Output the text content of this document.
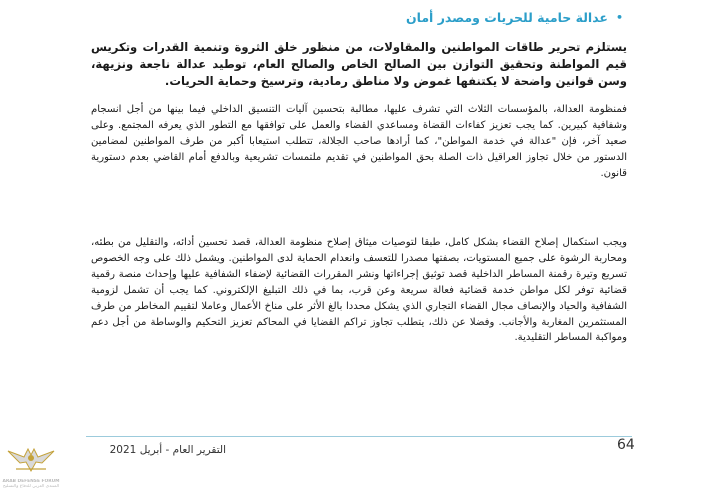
•
عدالة حامية للحريات ومصدر أمان

يستلزم تحرير طاقات المواطنين والمقاولات، من منظور خلق الثروة وتنمية القدرات وتكريس قيم المواطنة وتحقيق التوازن بين الصالح الخاص والصالح العام، توطيد عدالة ناجعة ونزيهة، وسن قوانين واضحة لا يكتنفها غموض ولا مناطق رمادية، وترسيخ وحماية الحريات.

فمنظومة العدالة، بالمؤسسات الثلاث التي تشرف عليها، مطالبة بتحسين آليات التنسيق الداخلي فيما بينها من أجل انسجام وشفافية كبيرين. كما يجب تعزيز كفاءات القضاة ومساعدي القضاء والعمل على توافقها مع التطور الذي يعرفه المجتمع. وعلى صعيد آخر، فإن "عدالة في خدمة المواطن"، كما أرادها صاحب الجلالة، تتطلب استيعابا أكبر من طرف المواطنين لمضامين الدستور من خلال تجاوز العراقيل ذات الصلة بحق المواطنين في تقديم ملتمسات تشريعية وبالدفع أمام القاضي بعدم دستورية قانون.

ويجب استكمال إصلاح القضاء بشكل كامل، طبقا لتوصيات ميثاق إصلاح منظومة العدالة، قصد تحسين أدائه، والتقليل من بطئه، ومحاربة الرشوة على جميع المستويات، بصفتها مصدرا للتعسف وانعدام الحماية لدى المواطنين. ويشمل ذلك على وجه الخصوص تسريع وتيرة رقمنة المساطر الداخلية قصد توثيق إجراءاتها ونشر المقررات القضائية لإضفاء الشفافية عليها وإحداث منصة رقمية قضائية توفر لكل مواطن خدمة قضائية فعالة سريعة وعن قرب، بما في ذلك التبليغ الإلكتروني. كما يجب أن تشمل لزومية الشفافية والحياد والإنصاف مجال القضاء التجاري الذي يشكل محددا بالغ الأثر على مناخ الأعمال وعاملا لتقييم المخاطر من طرف المستثمرين المغاربة والأجانب. وفضلا عن ذلك، يتطلب تجاوز تراكم القضايا في المحاكم تعزيز التحكيم والوساطة من أجل دعم ومواكبة المساطر التقليدية.

64
التقرير العام - أبريل 2021
ARAB DEFENSE FORUM
المنتدى العربي للدفاع والتسليح
